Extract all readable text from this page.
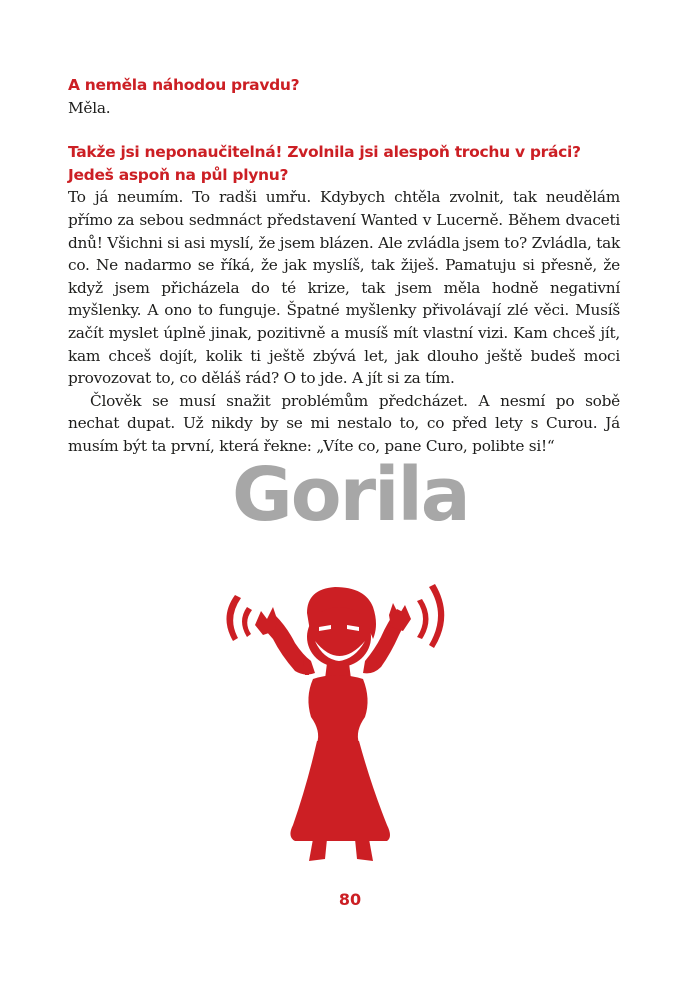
A neměla náhodou pravdu?
Měla.
Takže jsi neponaučitelná! Zvolnila jsi alespoň trochu v práci? Jedeš aspoň na půl plynu?
To já neumím. To radši umřu. Kdybych chtěla zvolnit, tak neudělám přímo za sebou sedmnáct představení Wanted v Lucerně. Během dvaceti dnů! Všichni si asi myslí, že jsem blázen. Ale zvládla jsem to? Zvládla, tak co. Ne nadarmo se říká, že jak myslíš, tak žiješ. Pamatuju si přesně, že když jsem přicházela do té krize, tak jsem měla hodně negativní myšlenky. A ono to funguje. Špatné myšlenky přivolávají zlé věci. Musíš začít myslet úplně jinak, pozitivně a musíš mít vlastní vizi. Kam chceš jít, kam chceš dojít, kolik ti ještě zbývá let, jak dlouho ještě budeš moci provozovat to, co děláš rád? O to jde. A jít si za tím.
Člověk se musí snažit problémům předcházet. A nesmí po sobě nechat dupat. Už nikdy by se mi nestalo to, co před lety s Curou. Já musím být ta první, která řekne: „Víte co, pane Curo, polibte si!“
Gorila
80
